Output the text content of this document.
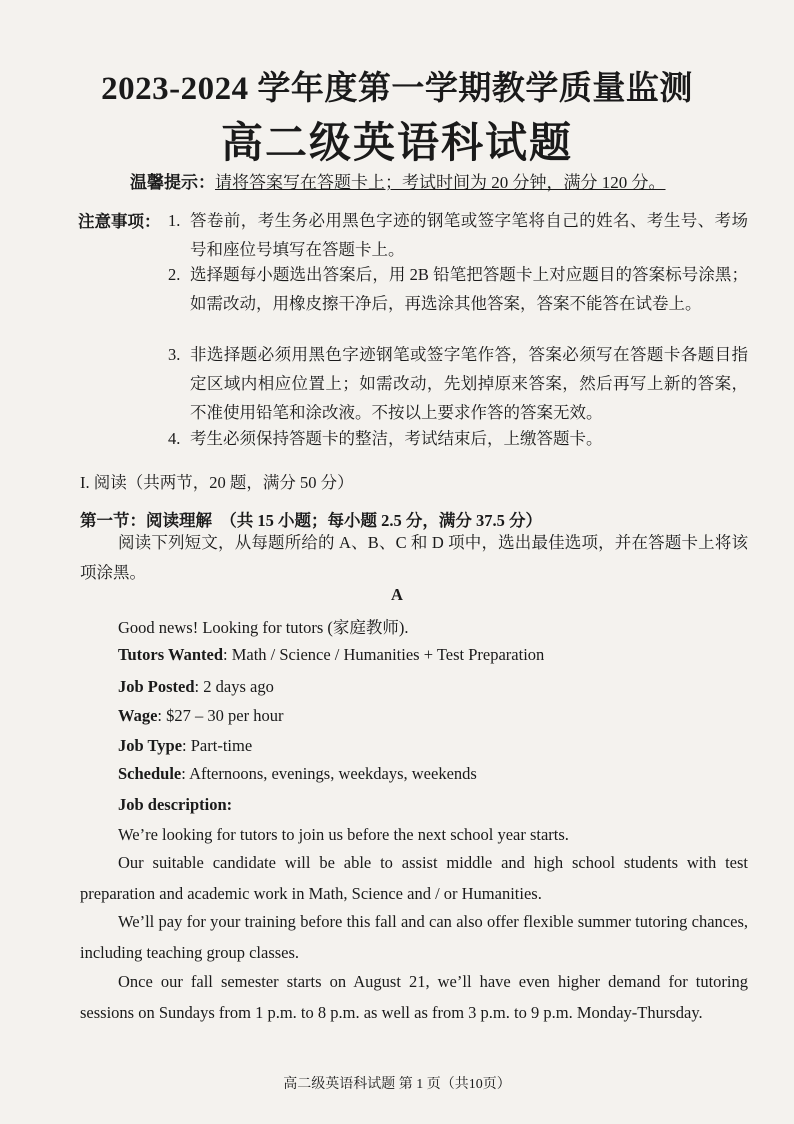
2023-2024 学年度第一学期教学质量监测
高二级英语科试题
温馨提示：请将答案写在答题卡上；考试时间为 20 分钟，满分 120 分。
注意事项： 1. 答卷前，考生务必用黑色字迹的钢笔或签字笔将自己的姓名、考生号、考场号和座位号填写在答题卡上。
2. 选择题每小题选出答案后，用 2B 铅笔把答题卡上对应题目的答案标号涂黑；如需改动，用橡皮擦干净后，再选涂其他答案，答案不能答在试卷上。
3. 非选择题必须用黑色字迹钢笔或签字笔作答，答案必须写在答题卡各题目指定区域内相应位置上；如需改动，先划掉原来答案，然后再写上新的答案，不准使用铅笔和涂改液。不按以上要求作答的答案无效。
4. 考生必须保持答题卡的整洁，考试结束后，上缴答题卡。
I. 阅读（共两节，20 题，满分 50 分）
第一节：阅读理解　（共 15 小题；每小题 2.5 分，满分 37.5 分）
阅读下列短文，从每题所给的 A、B、C 和 D 项中，选出最佳选项，并在答题卡上将该项涂黑。
A
Good news! Looking for tutors (家庭教师).
Tutors Wanted: Math / Science / Humanities + Test Preparation
Job Posted: 2 days ago
Wage: $27 – 30 per hour
Job Type: Part-time
Schedule: Afternoons, evenings, weekdays, weekends
Job description:
We’re looking for tutors to join us before the next school year starts.
Our suitable candidate will be able to assist middle and high school students with test preparation and academic work in Math, Science and / or Humanities.
We’ll pay for your training before this fall and can also offer flexible summer tutoring chances, including teaching group classes.
Once our fall semester starts on August 21, we’ll have even higher demand for tutoring sessions on Sundays from 1 p.m. to 8 p.m. as well as from 3 p.m. to 9 p.m. Monday-Thursday.
高二级英语科试题 第 1 页（共10页）
